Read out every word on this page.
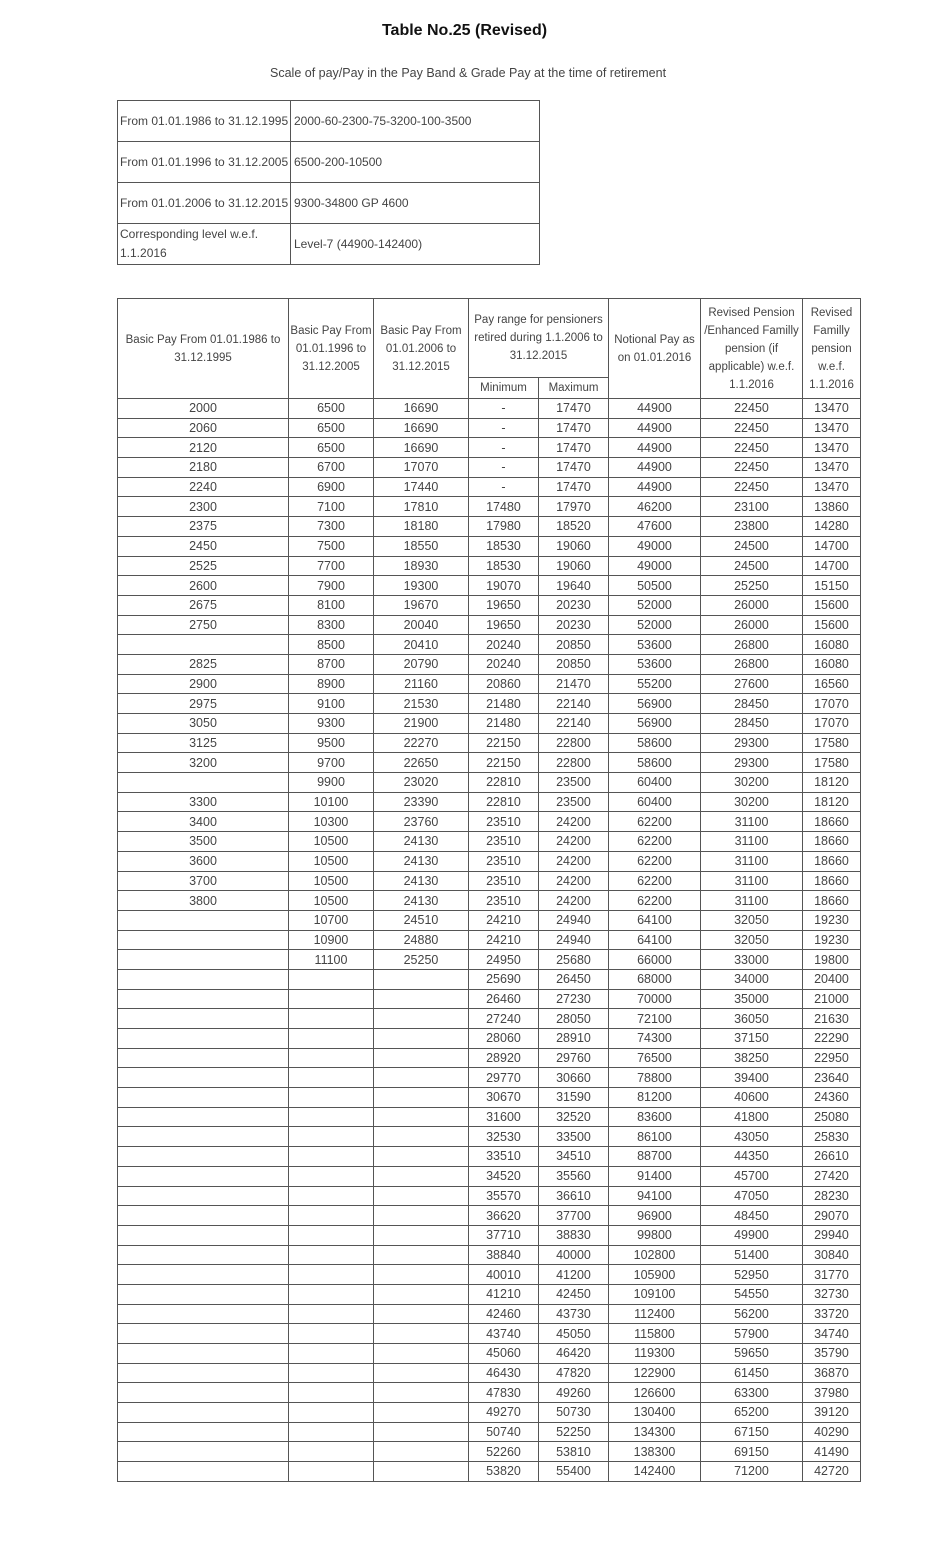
Table No.25 (Revised)
Scale of pay/Pay in the Pay Band & Grade Pay at the time of retirement
From 01.01.1986 to 31.12.1995	2000-60-2300-75-3200-100-3500
From 01.01.1996 to 31.12.2005	6500-200-10500
From 01.01.2006 to 31.12.2015	9300-34800 GP 4600
Corresponding level w.e.f. 1.1.2016	Level-7 (44900-142400)
Basic Pay From 01.01.1986 to 31.12.1995	Basic Pay From 01.01.1996 to 31.12.2005	Basic Pay From 01.01.2006 to 31.12.2015	Pay range for pensioners retired during 1.1.2006 to 31.12.2015		Notional Pay as on 01.01.2016	Revised Pension /Enhanced Familly pension (if applicable) w.e.f. 1.1.2016	Revised Familly pension w.e.f. 1.1.2016
			Minimum	Maximum			
2000	6500	16690	-	17470	44900	22450	13470
2060	6500	16690	-	17470	44900	22450	13470
2120	6500	16690	-	17470	44900	22450	13470
2180	6700	17070	-	17470	44900	22450	13470
2240	6900	17440	-	17470	44900	22450	13470
2300	7100	17810	17480	17970	46200	23100	13860
2375	7300	18180	17980	18520	47600	23800	14280
2450	7500	18550	18530	19060	49000	24500	14700
2525	7700	18930	18530	19060	49000	24500	14700
2600	7900	19300	19070	19640	50500	25250	15150
2675	8100	19670	19650	20230	52000	26000	15600
2750	8300	20040	19650	20230	52000	26000	15600
	8500	20410	20240	20850	53600	26800	16080
2825	8700	20790	20240	20850	53600	26800	16080
2900	8900	21160	20860	21470	55200	27600	16560
2975	9100	21530	21480	22140	56900	28450	17070
3050	9300	21900	21480	22140	56900	28450	17070
3125	9500	22270	22150	22800	58600	29300	17580
3200	9700	22650	22150	22800	58600	29300	17580
	9900	23020	22810	23500	60400	30200	18120
3300	10100	23390	22810	23500	60400	30200	18120
3400	10300	23760	23510	24200	62200	31100	18660
3500	10500	24130	23510	24200	62200	31100	18660
3600	10500	24130	23510	24200	62200	31100	18660
3700	10500	24130	23510	24200	62200	31100	18660
3800	10500	24130	23510	24200	62200	31100	18660
	10700	24510	24210	24940	64100	32050	19230
	10900	24880	24210	24940	64100	32050	19230
	11100	25250	24950	25680	66000	33000	19800
			25690	26450	68000	34000	20400
			26460	27230	70000	35000	21000
			27240	28050	72100	36050	21630
			28060	28910	74300	37150	22290
			28920	29760	76500	38250	22950
			29770	30660	78800	39400	23640
			30670	31590	81200	40600	24360
			31600	32520	83600	41800	25080
			32530	33500	86100	43050	25830
			33510	34510	88700	44350	26610
			34520	35560	91400	45700	27420
			35570	36610	94100	47050	28230
			36620	37700	96900	48450	29070
			37710	38830	99800	49900	29940
			38840	40000	102800	51400	30840
			40010	41200	105900	52950	31770
			41210	42450	109100	54550	32730
			42460	43730	112400	56200	33720
			43740	45050	115800	57900	34740
			45060	46420	119300	59650	35790
			46430	47820	122900	61450	36870
			47830	49260	126600	63300	37980
			49270	50730	130400	65200	39120
			50740	52250	134300	67150	40290
			52260	53810	138300	69150	41490
			53820	55400	142400	71200	42720
